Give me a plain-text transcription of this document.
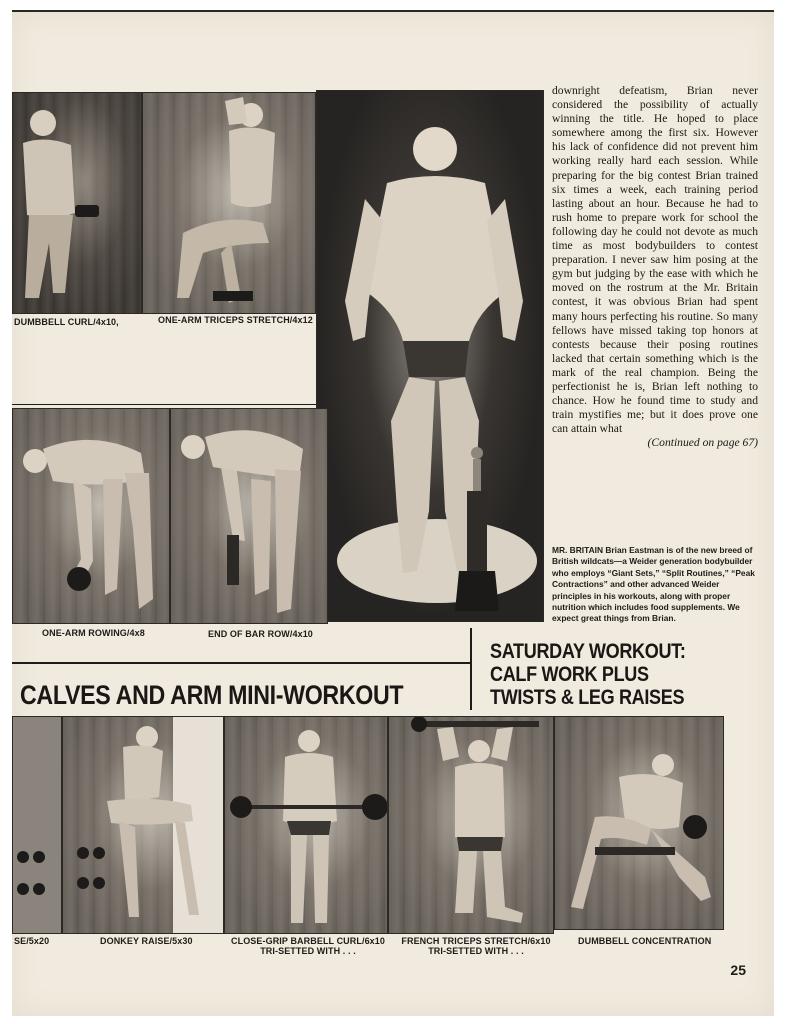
DUMBBELL CURL/4x10,	ONE-ARM TRICEPS STRETCH/4x12
ONE-ARM ROWING/4x8	END OF BAR ROW/4x10
downright defeatism, Brian never considered the possibility of actually winning the title. He hoped to place somewhere among the first six. However his lack of confidence did not prevent him working really hard each session. While preparing for the big contest Brian trained six times a week, each training period lasting about an hour. Because he had to rush home to prepare work for school the following day he could not devote as much time as most bodybuilders to contest preparation. I never saw him posing at the gym but judging by the ease with which he moved on the rostrum at the Mr. Britain contest, it was obvious Brian had spent many hours perfecting his routine. So many fellows have missed taking top honors at contests because their posing routines lacked that certain something which is the mark of the real champion. Being the perfectionist he is, Brian left nothing to chance. How he found time to study and train mystifies me; but it does prove one can attain what
(Continued on page 67)
MR. BRITAIN Brian Eastman is of the new breed of British wildcats—a Weider generation bodybuilder who employs “Giant Sets,” “Split Routines,” “Peak Contractions” and other advanced Weider principles in his workouts, along with proper nutrition which includes food supplements. We expect great things from Brian.
SATURDAY WORKOUT:
CALF WORK PLUS
TWISTS & LEG RAISES
CALVES AND ARM MINI-WORKOUT
SE/5x20	DONKEY RAISE/5x30	CLOSE-GRIP BARBELL CURL/6x10
TRI-SETTED WITH . . .
FRENCH TRICEPS STRETCH/6x10
TRI-SETTED WITH . . .
DUMBBELL CONCENTRATION
25
